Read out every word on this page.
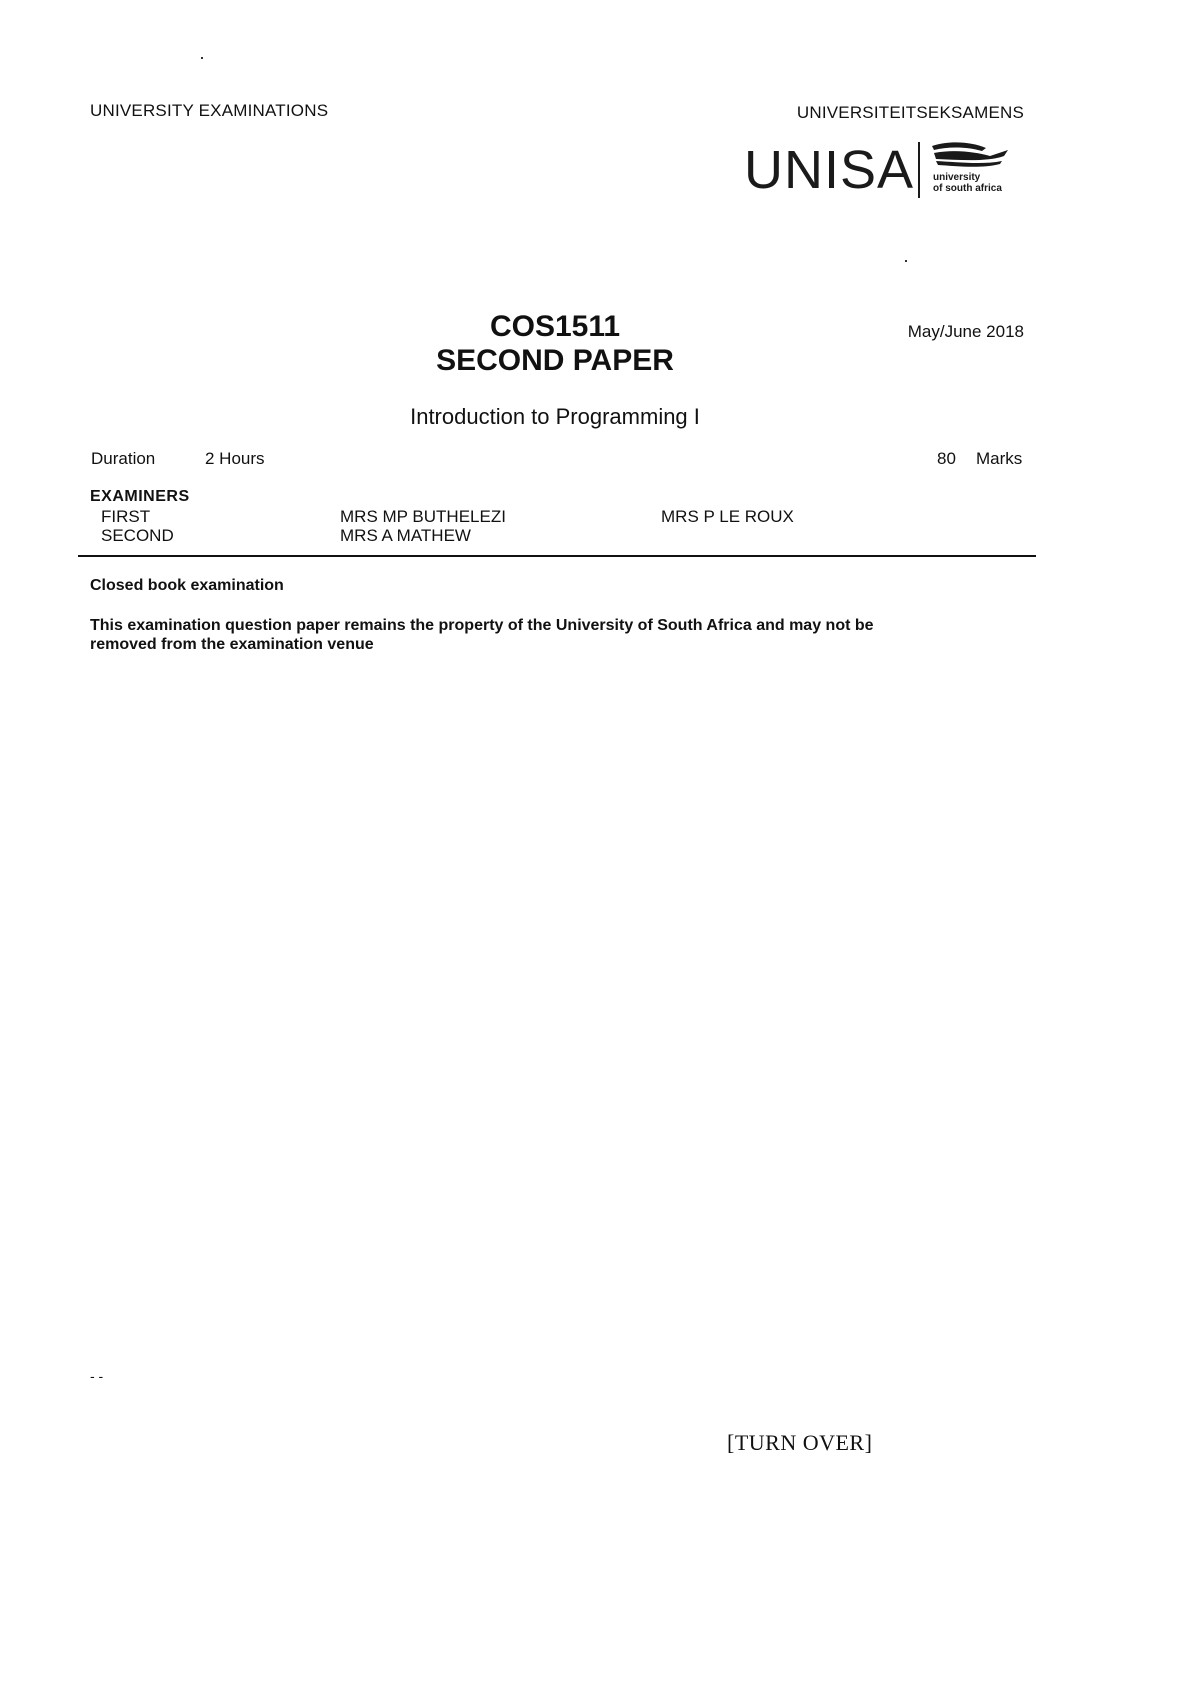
UNIVERSITY EXAMINATIONS	UNIVERSITEITSEKSAMENS
UNISA university
of south africa
COS1511
SECOND PAPER
May/June 2018
Introduction to Programming I
Duration	2 Hours	80 Marks
EXAMINERS
FIRST	MRS MP BUTHELEZI	MRS P LE ROUX
SECOND	MRS A MATHEW
Closed book examination
This examination question paper remains the property of the University of South Africa and may not be
removed from the examination venue
- -
[TURN OVER]
